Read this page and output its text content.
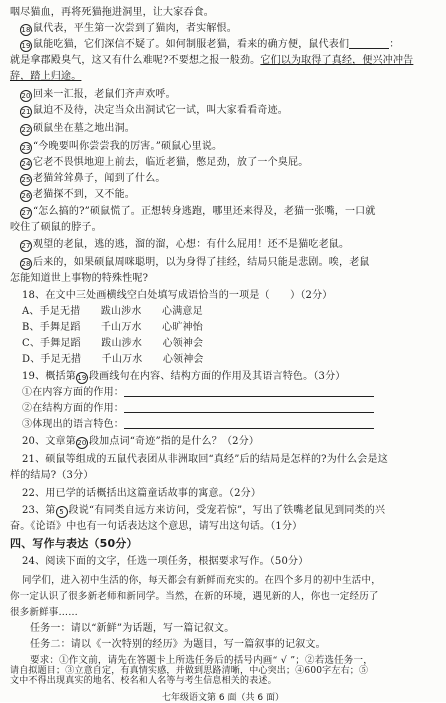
咽尽猫血，再将死猫拖进洞里，让大家吞食。
18 鼠代表，平生第一次尝到了猫肉，者实解恨。
19 鼠能吃猫，它们深信不疑了。如何制服老猫，看来的确方便，鼠代表们	：
就是拿郡殿臭气，这又有什么难呢?不要想之报一般劲。它们以为取得了真经，便兴冲冲告
辞，踏上归途。
20 回来一汇报，老鼠们齐声欢呼。
21 鼠迫不及待，决定当众出洞试它一试，叫大家看看奇迹。
22 硕鼠坐在墓之地出洞。
23 “今晚要叫你尝尝我的厉害。”硕鼠心里说。
24 它老不畏惧地迎上前去，临近老猫，憋足劲，放了一个臭屁。
25 老猫耸耸鼻子，闻到了什么。
26 老猫探不到，又不能。
27 “怎么搞的?”硕鼠慌了。正想转身逃跑，哪里还来得及，老猫一张嘴，一口就
咬住了硕鼠的脖子。
27 观望的老鼠，逃的逃，溜的溜，心想：有什么屁用！还不是猫吃老鼠。
28 后来的，如果硕鼠周咪聪明，以为身得了挂经，结局只能是悲剧。唉，老鼠
怎能知道世上事物的特殊性呢?
18、在文中三处画横线空白处填写成语恰当的一项是（　　）（2分）
A、手足无措　　跋山涉水　　心满意足
B、手舞足蹈　　千山万水　　心旷神怡
C、手舞足蹈　　跋山涉水　　心领神会
D、手足无措　　千山万水　　心领神会
19、概括第19 段画线句在内容、结构方面的作用及其语言特色。（3分）
①在内容方面的作用：
②在结构方面的作用：
③体现出的语言特色：
20、文章第20 段加点词“奇迹”指的是什么？（2分）
21、硕鼠等组成的五鼠代表团从非洲取回“真经”后的结局是怎样的?为什么会是这
样的结局?（3分）
22、用已学的话概括出这篇童话故事的寓意。（2分）
23、第 5 段说“有同类自远方来访问，受宠若惊”，写出了铁嘴老鼠见到同类的兴
奋。《论语》中也有一句话表达这个意思，请写出这句话。（1分）
四、写作与表达（50分）
24、阅读下面的文字，任选一项任务，根据要求写作。（50分）
同学们，进入初中生活的你，每天都会有新鲜而充实的。在四个多月的初中生活中，
你一定认识了很多新老师和新同学。当然，在新的环境，遇见新的人，你也一定经历了
很多新鲜事……
任务一：请以“新鲜”为话题，写一篇记叙文。
任务二：请以《一次特别的经历》为题目，写一篇叙事的记叙文。
要求：①作文前，请先在答题卡上所选任务后的括号内画“ √ ”；②若选任务一，
七年级语文第 6 面（共 6 面）
请自拟题目；③立意自定，有真情实感，并做到思路清晰，中心突出；④600字左右；⑤
文中不得出现真实的地名、校名和人名等与考生信息相关的表述。
